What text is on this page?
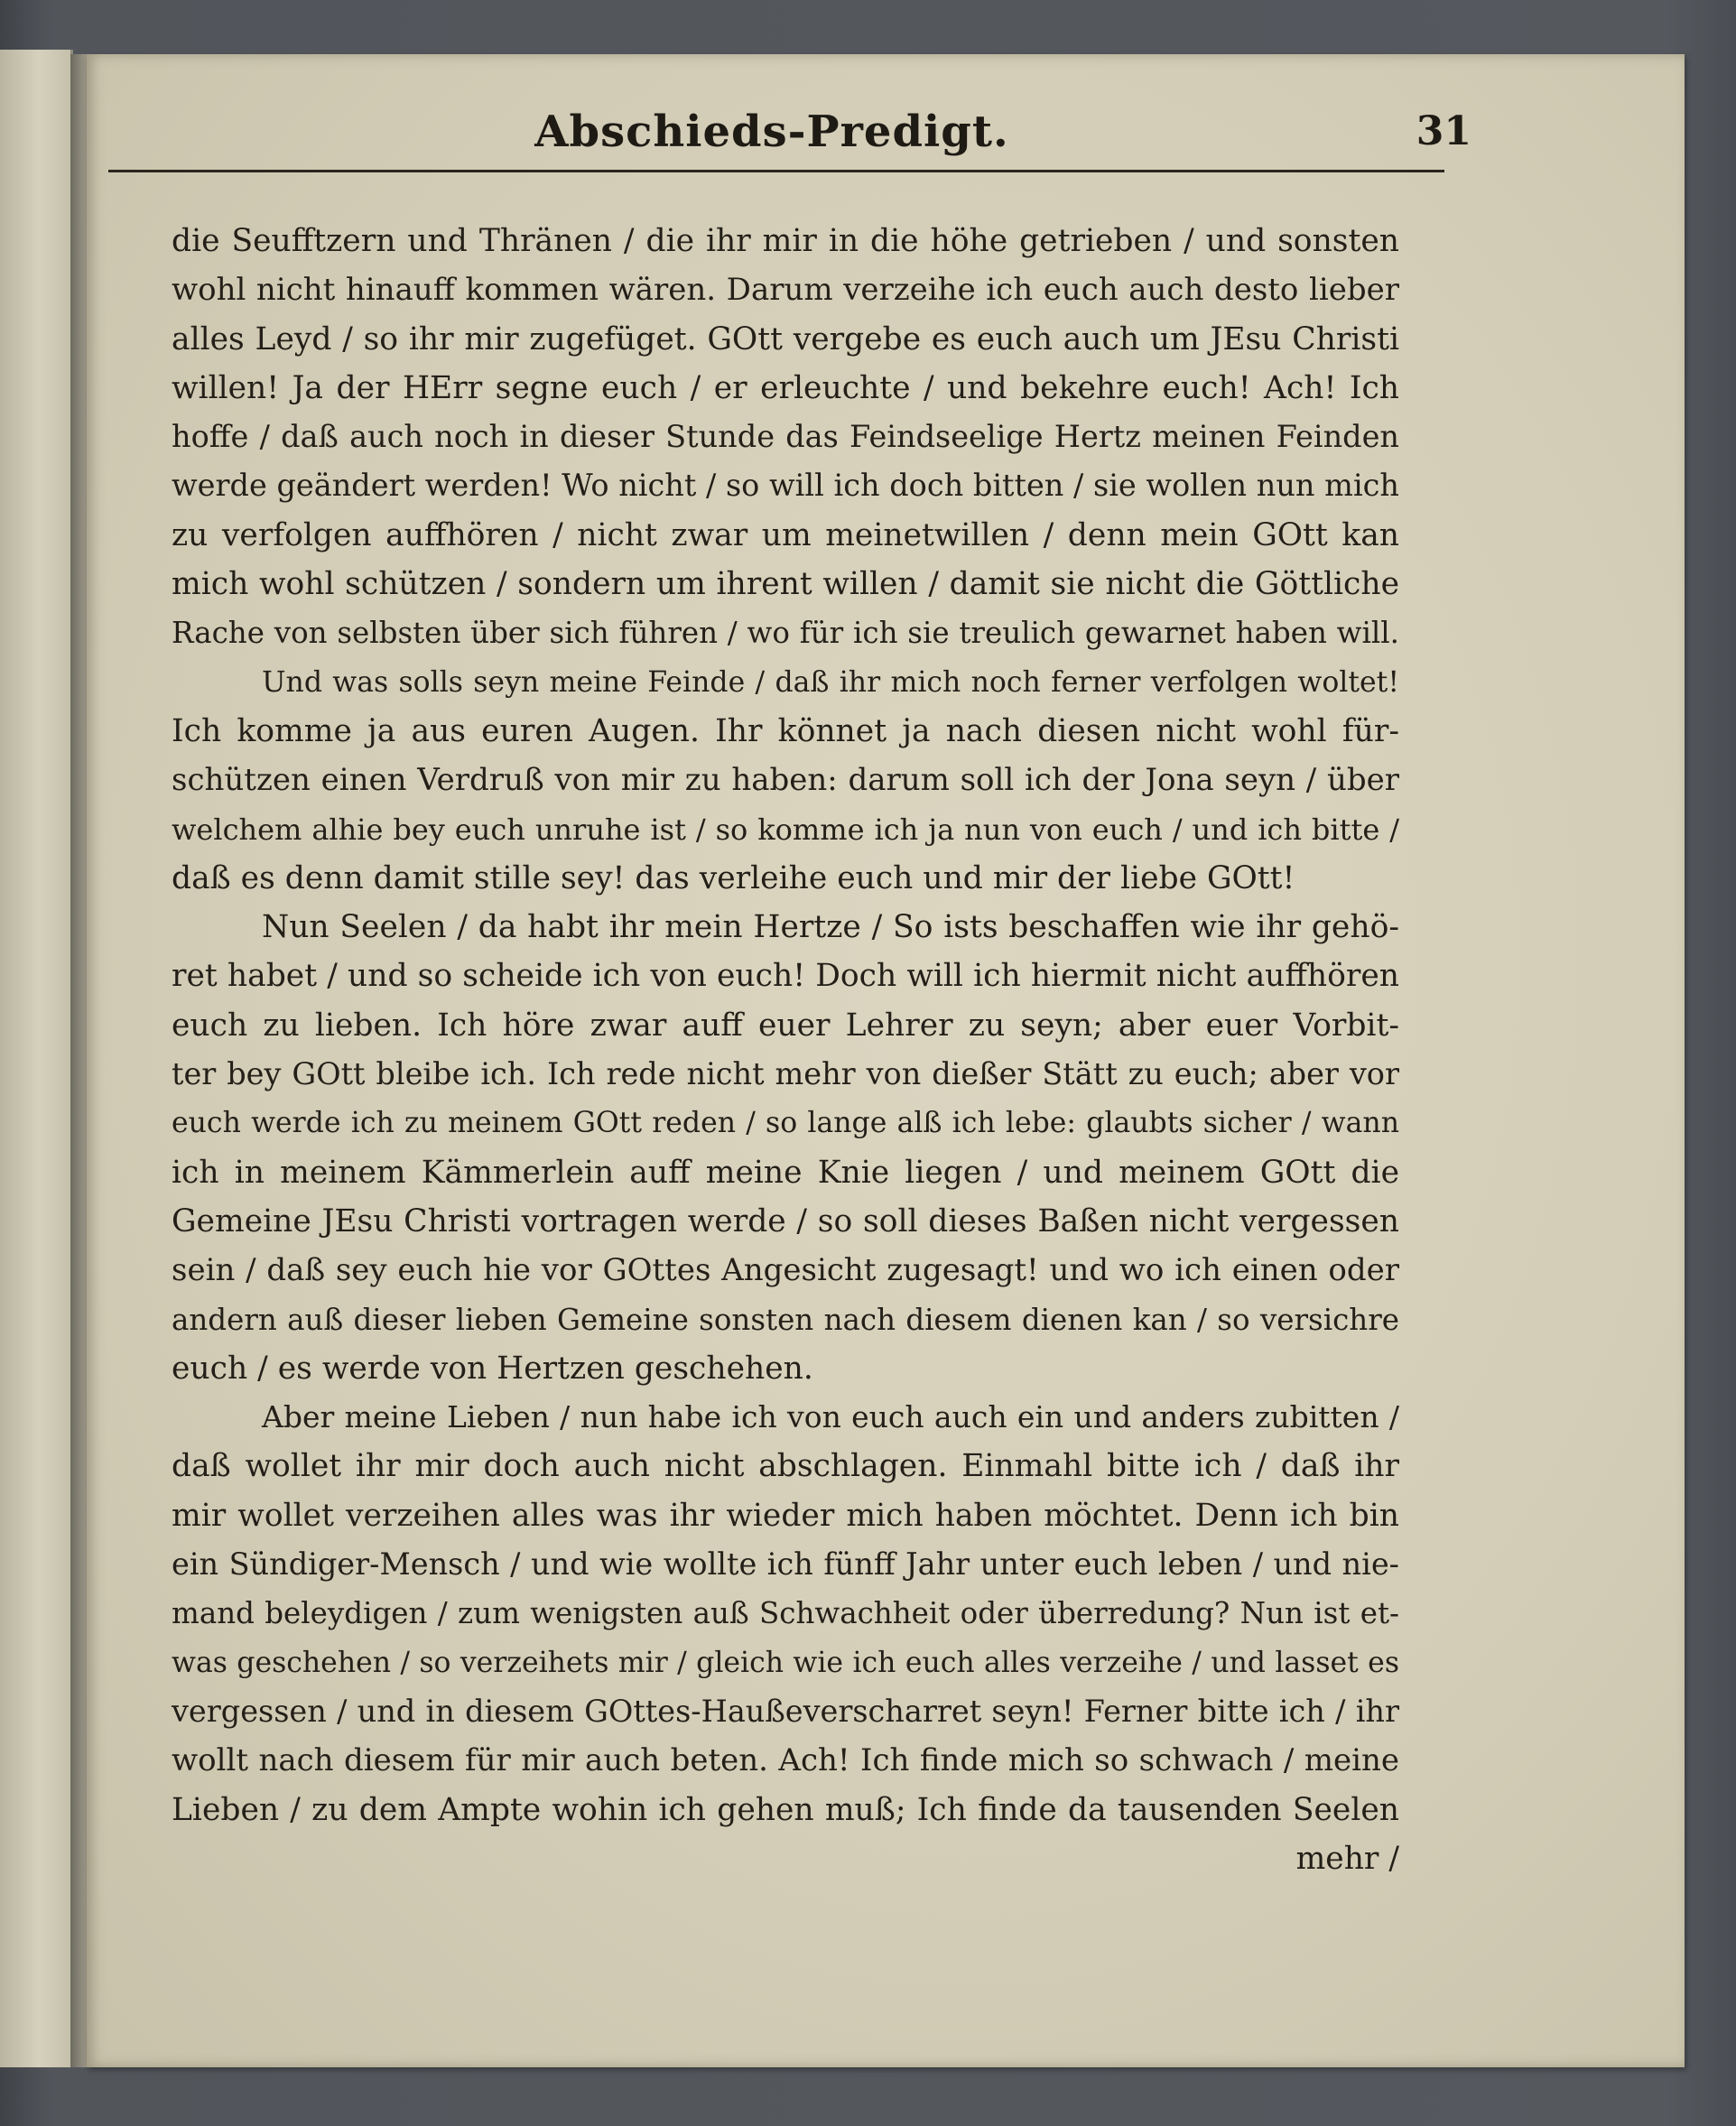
Abschieds-Predigt.	31
die Seufftzern und Thränen / die ihr mir in die höhe getrieben / und sonsten
wohl nicht hinauff kommen wären. Darum verzeihe ich euch auch desto lieber
alles Leyd / so ihr mir zugefüget. GOtt vergebe es euch auch um JEsu Christi
willen! Ja der HErr segne euch / er erleuchte / und bekehre euch! Ach! Ich
hoffe / daß auch noch in dieser Stunde das Feindseelige Hertz meinen Feinden
werde geändert werden! Wo nicht / so will ich doch bitten / sie wollen nun mich
zu verfolgen auffhören / nicht zwar um meinetwillen / denn mein GOtt kan
mich wohl schützen / sondern um ihrent willen / damit sie nicht die Göttliche
Rache von selbsten über sich führen / wo für ich sie treulich gewarnet haben will.
Und was solls seyn meine Feinde / daß ihr mich noch ferner verfolgen woltet!
Ich komme ja aus euren Augen. Ihr könnet ja nach diesen nicht wohl für-
schützen einen Verdruß von mir zu haben: darum soll ich der Jona seyn / über
welchem alhie bey euch unruhe ist / so komme ich ja nun von euch / und ich bitte /
daß es denn damit stille sey! das verleihe euch und mir der liebe GOtt!
Nun Seelen / da habt ihr mein Hertze / So ists beschaffen wie ihr gehö-
ret habet / und so scheide ich von euch! Doch will ich hiermit nicht auffhören
euch zu lieben. Ich höre zwar auff euer Lehrer zu seyn; aber euer Vorbit-
ter bey GOtt bleibe ich. Ich rede nicht mehr von dießer Stätt zu euch; aber vor
euch werde ich zu meinem GOtt reden / so lange alß ich lebe: glaubts sicher / wann
ich in meinem Kämmerlein auff meine Knie liegen / und meinem GOtt die
Gemeine JEsu Christi vortragen werde / so soll dieses Baßen nicht vergessen
sein / daß sey euch hie vor GOttes Angesicht zugesagt! und wo ich einen oder
andern auß dieser lieben Gemeine sonsten nach diesem dienen kan / so versichre
euch / es werde von Hertzen geschehen.
Aber meine Lieben / nun habe ich von euch auch ein und anders zubitten /
daß wollet ihr mir doch auch nicht abschlagen. Einmahl bitte ich / daß ihr
mir wollet verzeihen alles was ihr wieder mich haben möchtet. Denn ich bin
ein Sündiger-Mensch / und wie wollte ich fünff Jahr unter euch leben / und nie-
mand beleydigen / zum wenigsten auß Schwachheit oder überredung? Nun ist et-
was geschehen / so verzeihets mir / gleich wie ich euch alles verzeihe / und lasset es
vergessen / und in diesem GOttes-Haußeverscharret seyn! Ferner bitte ich / ihr
wollt nach diesem für mir auch beten. Ach! Ich finde mich so schwach / meine
Lieben / zu dem Ampte wohin ich gehen muß; Ich finde da tausenden Seelen
mehr /
